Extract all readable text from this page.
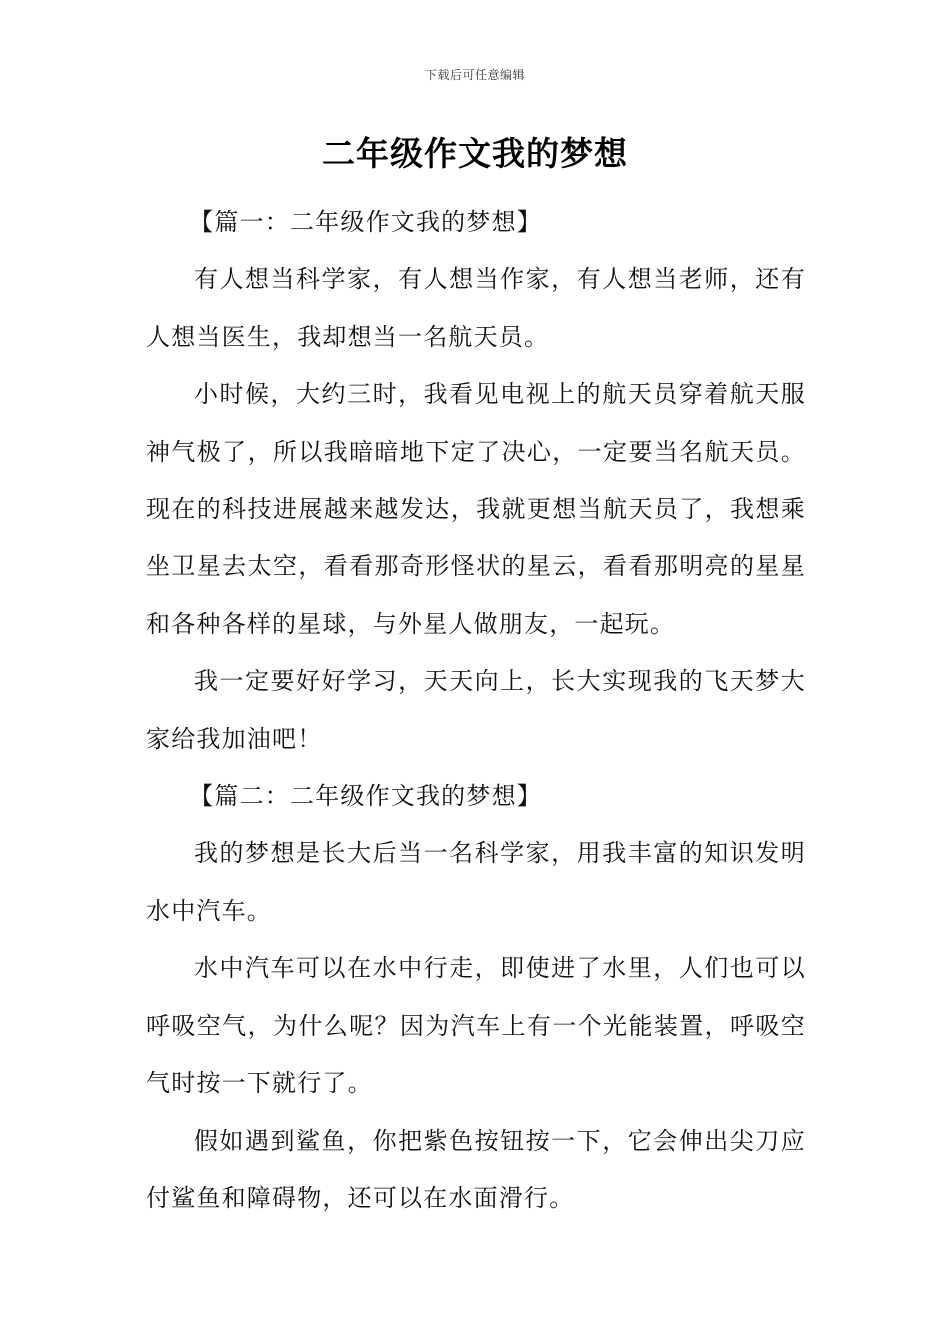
下载后可任意编辑
二年级作文我的梦想

【篇一：二年级作文我的梦想】

有人想当科学家，有人想当作家，有人想当老师，还有人想当医生，我却想当一名航天员。

小时候，大约三时，我看见电视上的航天员穿着航天服神气极了，所以我暗暗地下定了决心，一定要当名航天员。现在的科技进展越来越发达，我就更想当航天员了，我想乘坐卫星去太空，看看那奇形怪状的星云，看看那明亮的星星和各种各样的星球，与外星人做朋友，一起玩。

我一定要好好学习，天天向上，长大实现我的飞天梦大家给我加油吧！

【篇二：二年级作文我的梦想】

我的梦想是长大后当一名科学家，用我丰富的知识发明水中汽车。

水中汽车可以在水中行走，即使进了水里，人们也可以呼吸空气，为什么呢？因为汽车上有一个光能装置，呼吸空气时按一下就行了。

假如遇到鲨鱼，你把紫色按钮按一下，它会伸出尖刀应付鲨鱼和障碍物，还可以在水面滑行。
